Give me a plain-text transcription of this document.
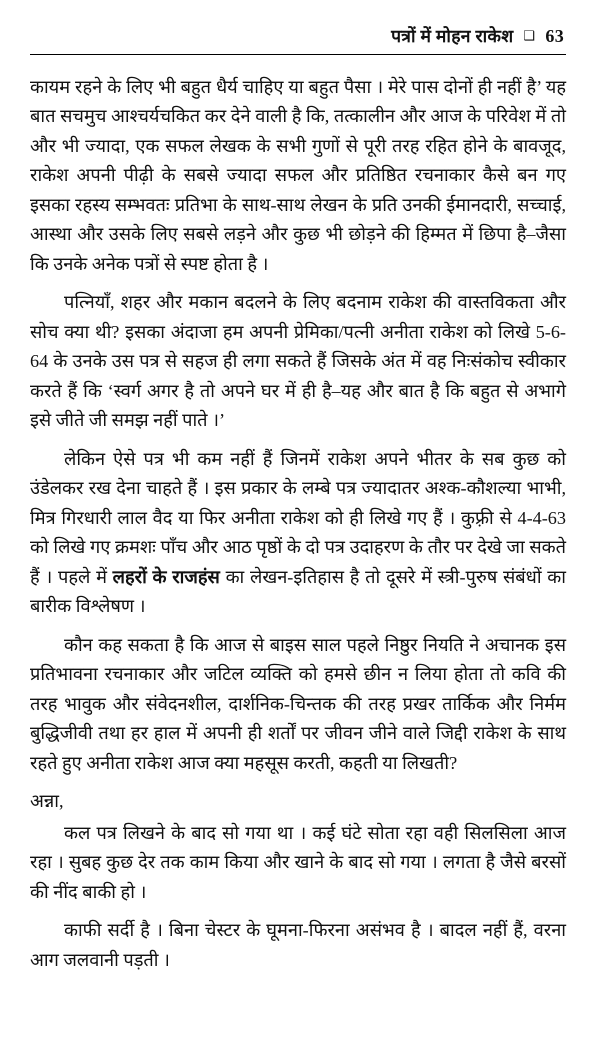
पत्रों में मोहन राकेश ❑ 63

कायम रहने के लिए भी बहुत धैर्य चाहिए या बहुत पैसा । मेरे पास दोनों ही नहीं है’ यह बात सचमुच आश्चर्यचकित कर देने वाली है कि, तत्कालीन और आज के परिवेश में तो और भी ज्यादा, एक सफल लेखक के सभी गुणों से पूरी तरह रहित होने के बावजूद, राकेश अपनी पीढ़ी के सबसे ज्यादा सफल और प्रतिष्ठित रचनाकार कैसे बन गए इसका रहस्य सम्भवतः प्रतिभा के साथ-साथ लेखन के प्रति उनकी ईमानदारी, सच्चाई, आस्था और उसके लिए सबसे लड़ने और कुछ भी छोड़ने की हिम्मत में छिपा है–जैसा कि उनके अनेक पत्रों से स्पष्ट होता है ।

पत्नियाँ, शहर और मकान बदलने के लिए बदनाम राकेश की वास्तविकता और सोच क्या थी? इसका अंदाजा हम अपनी प्रेमिका/पत्नी अनीता राकेश को लिखे 5-6-64 के उनके उस पत्र से सहज ही लगा सकते हैं जिसके अंत में वह निःसंकोच स्वीकार करते हैं कि ‘स्वर्ग अगर है तो अपने घर में ही है–यह और बात है कि बहुत से अभागे इसे जीते जी समझ नहीं पाते ।’

लेकिन ऐसे पत्र भी कम नहीं हैं जिनमें राकेश अपने भीतर के सब कुछ को उंडेलकर रख देना चाहते हैं । इस प्रकार के लम्बे पत्र ज्यादातर अश्क-कौशल्या भाभी, मित्र गिरधारी लाल वैद या फिर अनीता राकेश को ही लिखे गए हैं । कुफ़्री से 4-4-63 को लिखे गए क्रमशः पाँच और आठ पृष्ठों के दो पत्र उदाहरण के तौर पर देखे जा सकते हैं । पहले में लहरों के राजहंस का लेखन-इतिहास है तो दूसरे में स्त्री-पुरुष संबंधों का बारीक विश्लेषण ।

कौन कह सकता है कि आज से बाइस साल पहले निष्ठुर नियति ने अचानक इस प्रतिभावना रचनाकार और जटिल व्यक्ति को हमसे छीन न लिया होता तो कवि की तरह भावुक और संवेदनशील, दार्शनिक-चिन्तक की तरह प्रखर तार्किक और निर्मम बुद्धिजीवी तथा हर हाल में अपनी ही शर्तों पर जीवन जीने वाले जिद्दी राकेश के साथ रहते हुए अनीता राकेश आज क्या महसूस करती, कहती या लिखती?

अन्ना,

कल पत्र लिखने के बाद सो गया था । कई घंटे सोता रहा वही सिलसिला आज रहा । सुबह कुछ देर तक काम किया और खाने के बाद सो गया । लगता है जैसे बरसों की नींद बाकी हो ।

काफी सर्दी है । बिना चेस्टर के घूमना-फिरना असंभव है । बादल नहीं हैं, वरना आग जलवानी पड़ती ।
